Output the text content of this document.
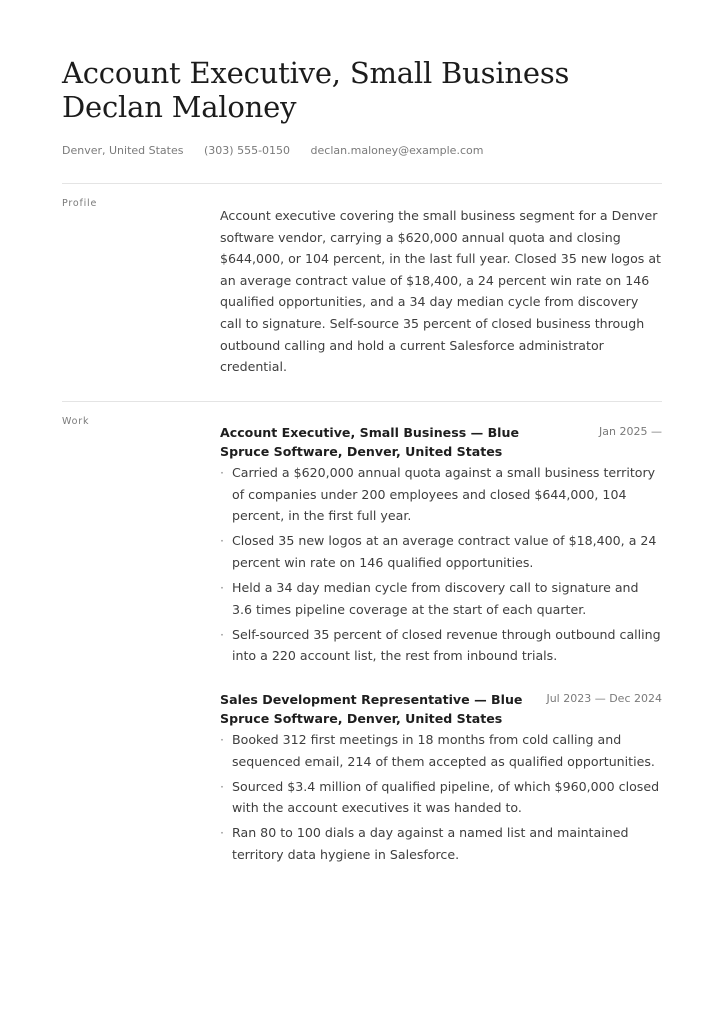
Account Executive, Small Business
Declan Maloney
Denver, United States (303) 555-0150 declan.maloney@example.com
Profile

Account executive covering the small business segment for a Denver software vendor, carrying a $620,000 annual quota and closing $644,000, or 104 percent, in the last full year. Closed 35 new logos at an average contract value of $18,400, a 24 percent win rate on 146 qualified opportunities, and a 34 day median cycle from discovery call to signature. Self-source 35 percent of closed business through outbound calling and hold a current Salesforce administrator credential.

Work
Account Executive, Small Business — Blue Spruce Software, Denver, United States
Jan 2025 —
· Carried a $620,000 annual quota against a small business territory of companies under 200 employees and closed $644,000, 104 percent, in the first full year.
· Closed 35 new logos at an average contract value of $18,400, a 24 percent win rate on 146 qualified opportunities.
· Held a 34 day median cycle from discovery call to signature and 3.6 times pipeline coverage at the start of each quarter.
· Self-sourced 35 percent of closed revenue through outbound calling into a 220 account list, the rest from inbound trials.
Sales Development Representative — Blue Spruce Software, Denver, United States
Jul 2023 — Dec 2024
· Booked 312 first meetings in 18 months from cold calling and sequenced email, 214 of them accepted as qualified opportunities.
· Sourced $3.4 million of qualified pipeline, of which $960,000 closed with the account executives it was handed to.
· Ran 80 to 100 dials a day against a named list and maintained territory data hygiene in Salesforce.
